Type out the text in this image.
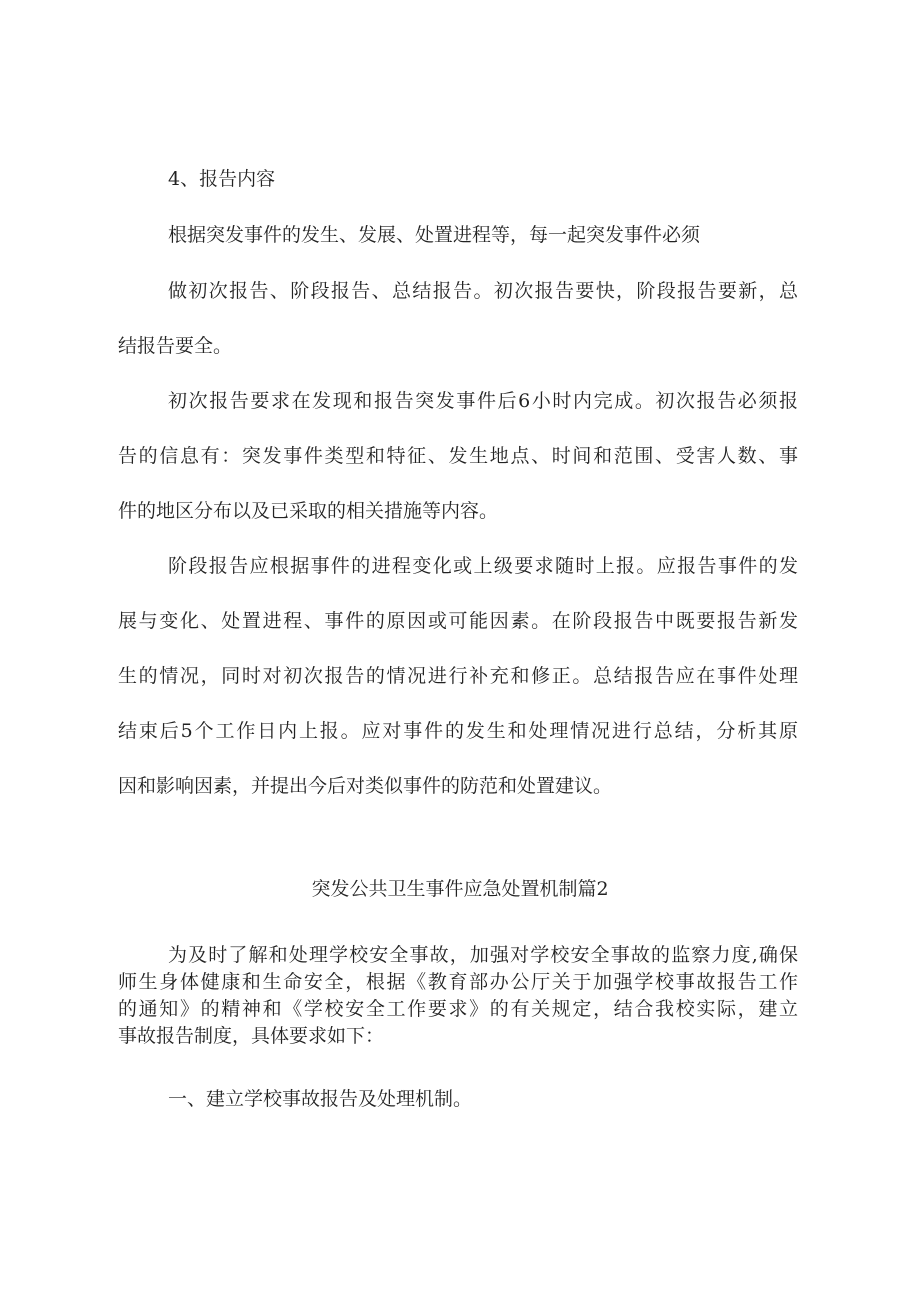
4、报告内容

根据突发事件的发生、发展、处置进程等，每一起突发事件必须

做初次报告、阶段报告、总结报告。初次报告要快，阶段报告要新，总

结报告要全。

初次报告要求在发现和报告突发事件后6小时内完成。初次报告必须报

告的信息有：突发事件类型和特征、发生地点、时间和范围、受害人数、事

件的地区分布以及已采取的相关措施等内容。

阶段报告应根据事件的进程变化或上级要求随时上报。应报告事件的发

展与变化、处置进程、事件的原因或可能因素。在阶段报告中既要报告新发

生的情况，同时对初次报告的情况进行补充和修正。总结报告应在事件处理

结束后5个工作日内上报。应对事件的发生和处理情况进行总结，分析其原

因和影响因素，并提出今后对类似事件的防范和处置建议。

突发公共卫生事件应急处置机制篇2

为及时了解和处理学校安全事故，加强对学校安全事故的监察力度,确保

师生身体健康和生命安全，根据《教育部办公厅关于加强学校事故报告工作

的通知》的精神和《学校安全工作要求》的有关规定，结合我校实际，建立

事故报告制度，具体要求如下：

一、建立学校事故报告及处理机制。
